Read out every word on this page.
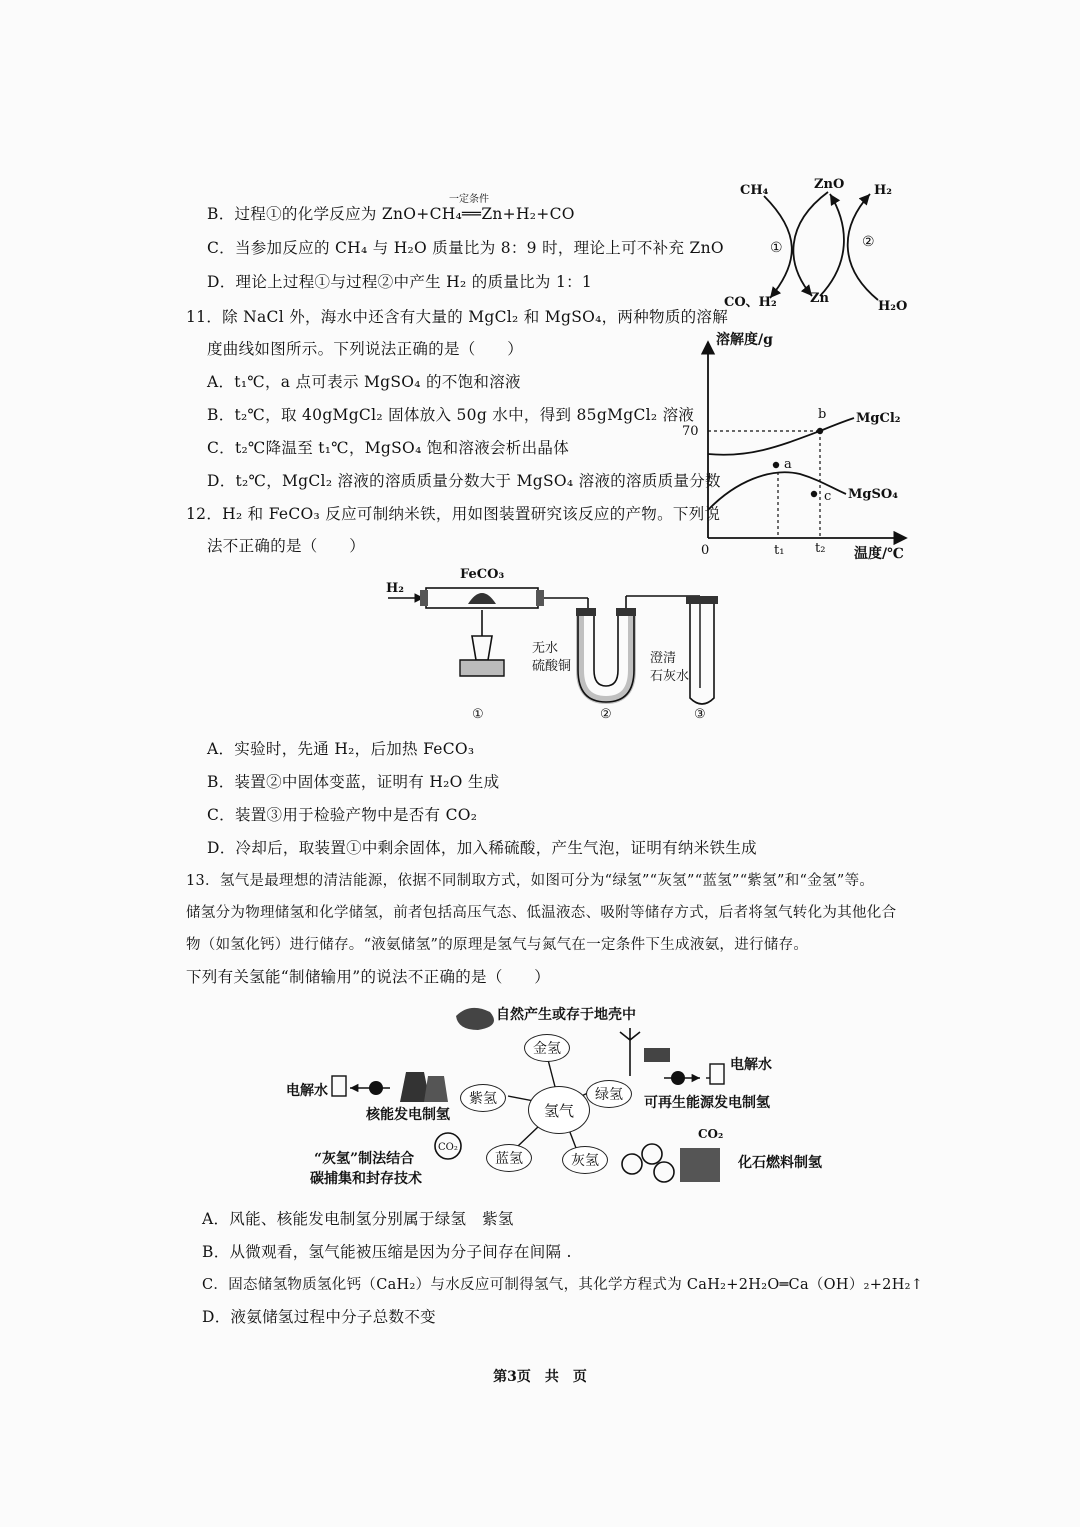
B．过程①的化学反应为 ZnO+CH₄══Zn+H₂+CO
一定条件
C．当参加反应的 CH₄ 与 H₂O 质量比为 8：9 时，理论上可不补充 ZnO
D．理论上过程①与过程②中产生 H₂ 的质量比为 1：1
CH₄	ZnO H₂
CO、H₂	Zn
H₂O
①	②
11．除 NaCl 外，海水中还含有大量的 MgCl₂ 和 MgSO₄，两种物质的溶解
度曲线如图所示。下列说法正确的是（　　）
A．t₁℃，a 点可表示 MgSO₄ 的不饱和溶液
B．t₂℃，取 40gMgCl₂ 固体放入 50g 水中，得到 85gMgCl₂ 溶液
C．t₂℃降温至 t₁℃，MgSO₄ 饱和溶液会析出晶体
D．t₂℃，MgCl₂ 溶液的溶质质量分数大于 MgSO₄ 溶液的溶质质量分数
溶解度/g
温度/℃
0
70
a
b
c
MgCl₂
MgSO₄
t₁ t₂
12．H₂ 和 FeCO₃ 反应可制纳米铁，用如图装置研究该反应的产物。下列说
法不正确的是（　　）
H₂
FeCO₃
无水
硫酸铜
澄清
石灰水
①	②	③
A．实验时，先通 H₂，后加热 FeCO₃
B．装置②中固体变蓝，证明有 H₂O 生成
C．装置③用于检验产物中是否有 CO₂
D．冷却后，取装置①中剩余固体，加入稀硫酸，产生气泡，证明有纳米铁生成
13．氢气是最理想的清洁能源，依据不同制取方式，如图可分为“绿氢”“灰氢”“蓝氢”“紫氢”和“金氢”等。
储氢分为物理储氢和化学储氢，前者包括高压气态、低温液态、吸附等储存方式，后者将氢气转化为其他化合
物（如氢化钙）进行储存。“液氨储氢”的原理是氢气与氮气在一定条件下生成液氨，进行储存。
下列有关氢能“制储输用”的说法不正确的是（　　）
CO₂
CO₂
氢气
金氢
紫氢	绿氢
蓝氢	灰氢
自然产生或存于地壳中
电解水
核能发电制氢
电解水
可再生能源发电制氢
“灰氢”制法结合
碳捕集和封存技术
化石燃料制氢
A．风能、核能发电制氢分别属于绿氢　紫氢
B．从微观看，氢气能被压缩是因为分子间存在间隔 .
C．固态储氢物质氢化钙（CaH₂）与水反应可制得氢气，其化学方程式为 CaH₂+2H₂O═Ca（OH）₂+2H₂↑
D．液氨储氢过程中分子总数不变
第3页　共　页
